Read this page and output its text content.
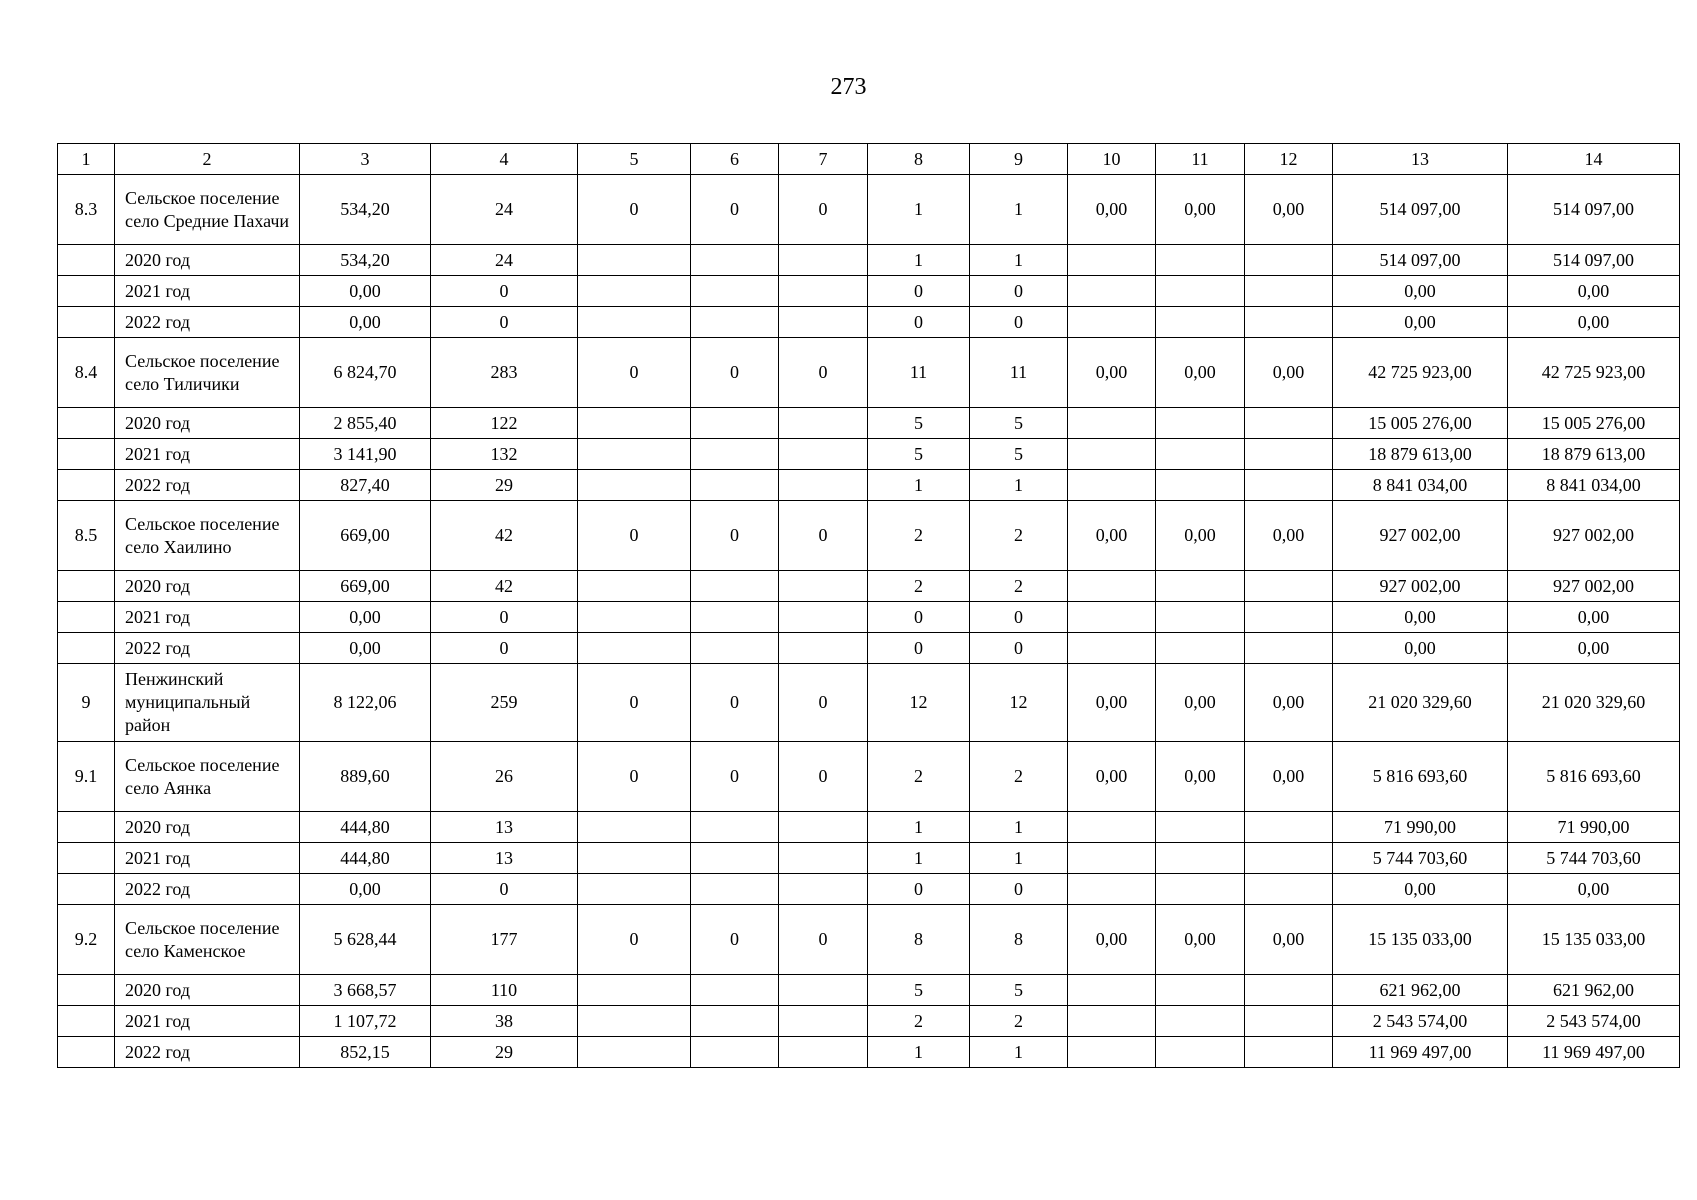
273
1	2	3	4	5	6	7	8	9	10	11	12	13	14
8.3	Сельское поселение село Средние Пахачи	534,20	24	0	0	0	1	1	0,00	0,00	0,00	514 097,00	514 097,00
	2020 год	534,20	24				1	1				514 097,00	514 097,00
	2021 год	0,00	0				0	0				0,00	0,00
	2022 год	0,00	0				0	0				0,00	0,00
8.4	Сельское поселение село Тиличики	6 824,70	283	0	0	0	11	11	0,00	0,00	0,00	42 725 923,00	42 725 923,00
	2020 год	2 855,40	122				5	5				15 005 276,00	15 005 276,00
	2021 год	3 141,90	132				5	5				18 879 613,00	18 879 613,00
	2022 год	827,40	29				1	1				8 841 034,00	8 841 034,00
8.5	Сельское поселение село Хаилино	669,00	42	0	0	0	2	2	0,00	0,00	0,00	927 002,00	927 002,00
	2020 год	669,00	42				2	2				927 002,00	927 002,00
	2021 год	0,00	0				0	0				0,00	0,00
	2022 год	0,00	0				0	0				0,00	0,00
9	Пенжинский муниципальный район	8 122,06	259	0	0	0	12	12	0,00	0,00	0,00	21 020 329,60	21 020 329,60
9.1	Сельское поселение село Аянка	889,60	26	0	0	0	2	2	0,00	0,00	0,00	5 816 693,60	5 816 693,60
	2020 год	444,80	13				1	1				71 990,00	71 990,00
	2021 год	444,80	13				1	1				5 744 703,60	5 744 703,60
	2022 год	0,00	0				0	0				0,00	0,00
9.2	Сельское поселение село Каменское	5 628,44	177	0	0	0	8	8	0,00	0,00	0,00	15 135 033,00	15 135 033,00
	2020 год	3 668,57	110				5	5				621 962,00	621 962,00
	2021 год	1 107,72	38				2	2				2 543 574,00	2 543 574,00
	2022 год	852,15	29				1	1				11 969 497,00	11 969 497,00
